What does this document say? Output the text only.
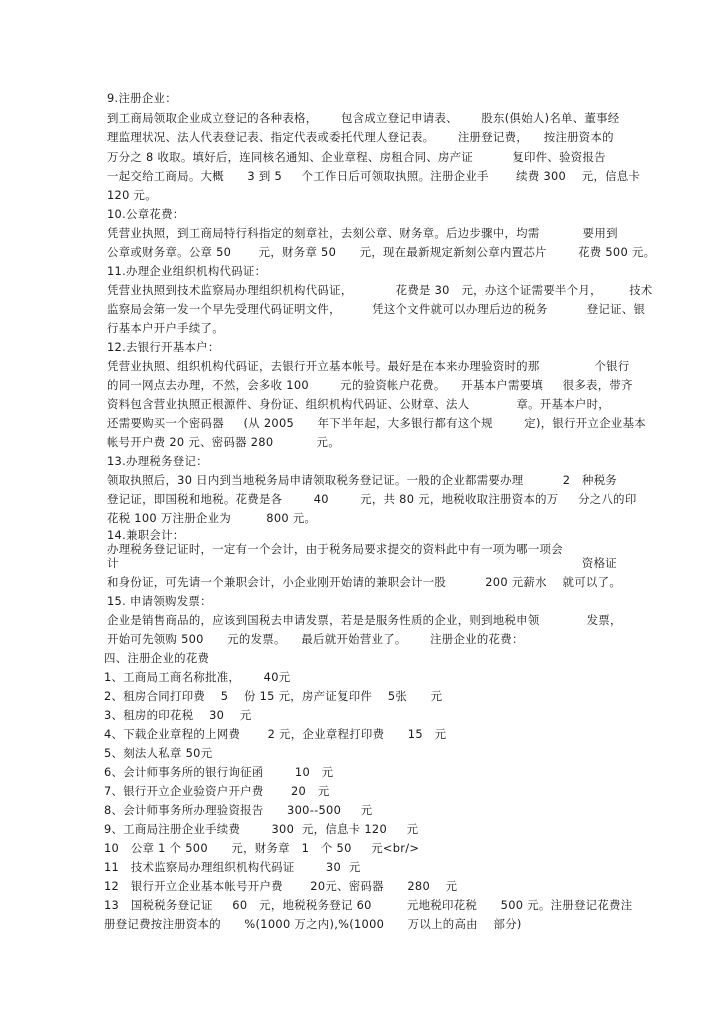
9.注册企业：
到工商局领取企业成立登记的各种表格，      包含成立登记申请表、      股东(俱始人)名单、董事经
理监理状况、法人代表登记表、指定代表或委托代理人登记表。      注册登记费，    按注册资本的
万分之 8 收取。填好后，连同核名通知、企业章程、房租合同、房产证          复印件、验资报告
一起交给工商局。大概      3 到 5     个工作日后可领取执照。注册企业手       续费 300    元，信息卡
120 元。
10.公章花费：
凭营业执照，到工商局特行科指定的刻章社，去刻公章、财务章。后边步骤中，均需           要用到
公章或财务章。公章 50       元，财务章 50      元，现在最新规定新刻公章内置芯片        花费 500 元。
11.办理企业组织机构代码证：
凭营业执照到技术监察局办理组织机构代码证，           花费是 30   元，办这个证需要半个月，       技术
监察局会第一发一个早先受理代码证明文件，        凭这个文件就可以办理后边的税务          登记证、银
行基本户开户手续了。
12.去银行开基本户：
凭营业执照、组织机构代码证，去银行开立基本帐号。最好是在本来办理验资时的那              个银行
的同一网点去办理，不然，会多收 100        元的验资帐户花费。    开基本户需要填     很多表，带齐
资料包含营业执照正根源件、身份证、组织机构代码证、公财章、法人            章。开基本户时，
还需要购买一个密码器     (从 2005      年下半年起，大多银行都有这个规        定)，银行开立企业基本
帐号开户费 20 元、密码器 280           元。
13.办理税务登记：
领取执照后，30 日内到当地税务局申请领取税务登记证。一般的企业都需要办理          2   种税务
登记证，即国税和地税。花费是各        40        元，共 80 元，地税收取注册资本的万     分之八的印
花税 100 万注册企业为         800 元。
14.兼职会计：
办理税务登记证时，一定有一个会计，由于税务局要求提交的资料此中有一项为哪一项会
计	资格证
和身份证，可先请一个兼职会计，小企业刚开始请的兼职会计一股          200 元薪水    就可以了。
15. 申请领购发票：
企业是销售商品的，应该到国税去申请发票，若是是服务性质的企业，则到地税申领            发票，
开始可先领购 500      元的发票。    最后就开始营业了。      注册企业的花费：
四、注册企业的花费
1、工商局工商名称批准，      40元
2、租房合同打印费    5    份 15 元，房产证复印件    5张      元
3、租房的印花税    30    元
4、下载企业章程的上网费       2 元，企业章程打印费      15   元
5、刻法人私章 50元
6、会计师事务所的银行询征函        10   元
7、银行开立企业验资户开户费       20   元
8、会计师事务所办理验资报告      300--500     元
9、工商局注册企业手续费        300  元，信息卡 120     元
10   公章 1 个 500      元，财务章   1   个 50     元<br/>
11   技术监察局办理组织机构代码证        30  元
12   银行开立企业基本帐号开户费       20元、密码器      280    元
13   国税税务登记证     60   元，地税税务登记 60         元地税印花税      500 元。注册登记花费注
册登记费按注册资本的      %(1000 万之内),%(1000      万以上的高由    部分)
